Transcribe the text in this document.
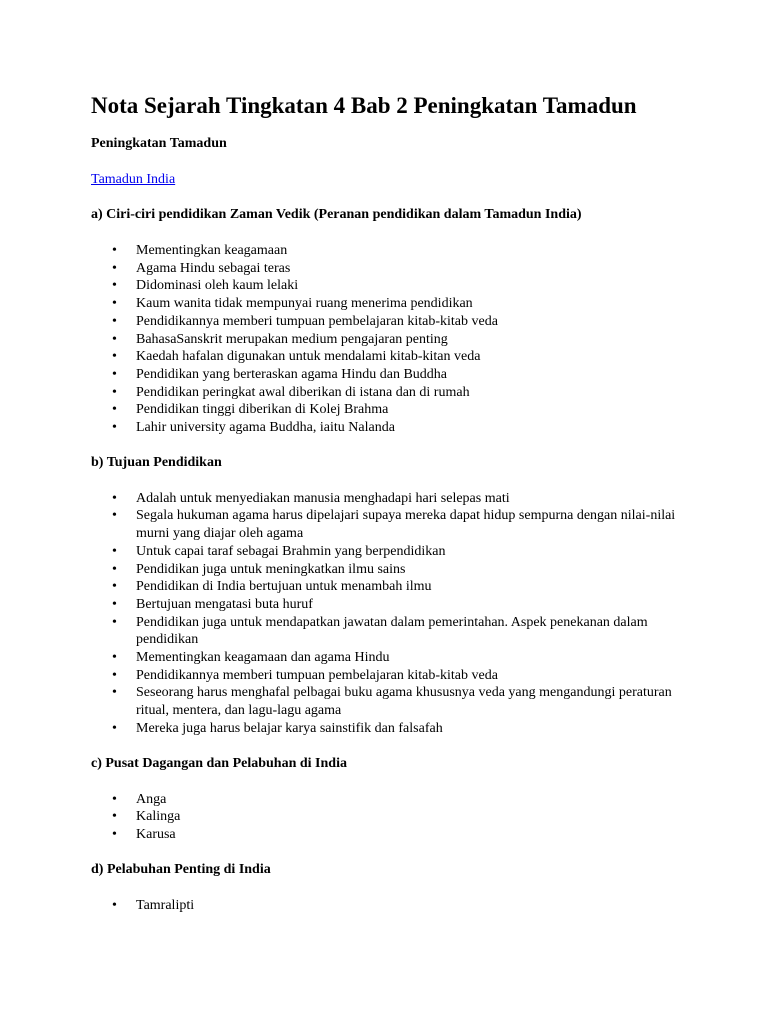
Nota Sejarah Tingkatan 4 Bab 2 Peningkatan Tamadun

Peningkatan Tamadun

Tamadun India

a) Ciri-ciri pendidikan Zaman Vedik (Peranan pendidikan dalam Tamadun India)

• Mementingkan keagamaan
• Agama Hindu sebagai teras
• Didominasi oleh kaum lelaki
• Kaum wanita tidak mempunyai ruang menerima pendidikan
• Pendidikannya memberi tumpuan pembelajaran kitab-kitab veda
• BahasaSanskrit merupakan medium pengajaran penting
• Kaedah hafalan digunakan untuk mendalami kitab-kitan veda
• Pendidikan yang berteraskan agama Hindu dan Buddha
• Pendidikan peringkat awal diberikan di istana dan di rumah
• Pendidikan tinggi diberikan di Kolej Brahma
• Lahir university agama Buddha, iaitu Nalanda

b) Tujuan Pendidikan

• Adalah untuk menyediakan manusia menghadapi hari selepas mati
• Segala hukuman agama harus dipelajari supaya mereka dapat hidup sempurna dengan nilai-nilai murni yang diajar oleh agama
• Untuk capai taraf sebagai Brahmin yang berpendidikan
• Pendidikan juga untuk meningkatkan ilmu sains
• Pendidikan di India bertujuan untuk menambah ilmu
• Bertujuan mengatasi buta huruf
• Pendidikan juga untuk mendapatkan jawatan dalam pemerintahan. Aspek penekanan dalam pendidikan
• Mementingkan keagamaan dan agama Hindu
• Pendidikannya memberi tumpuan pembelajaran kitab-kitab veda
• Seseorang harus menghafal pelbagai buku agama khususnya veda yang mengandungi peraturan ritual, mentera, dan lagu-lagu agama
• Mereka juga harus belajar karya sainstifik dan falsafah

c) Pusat Dagangan dan Pelabuhan di India

• Anga
• Kalinga
• Karusa

d) Pelabuhan Penting di India

• Tamralipti
